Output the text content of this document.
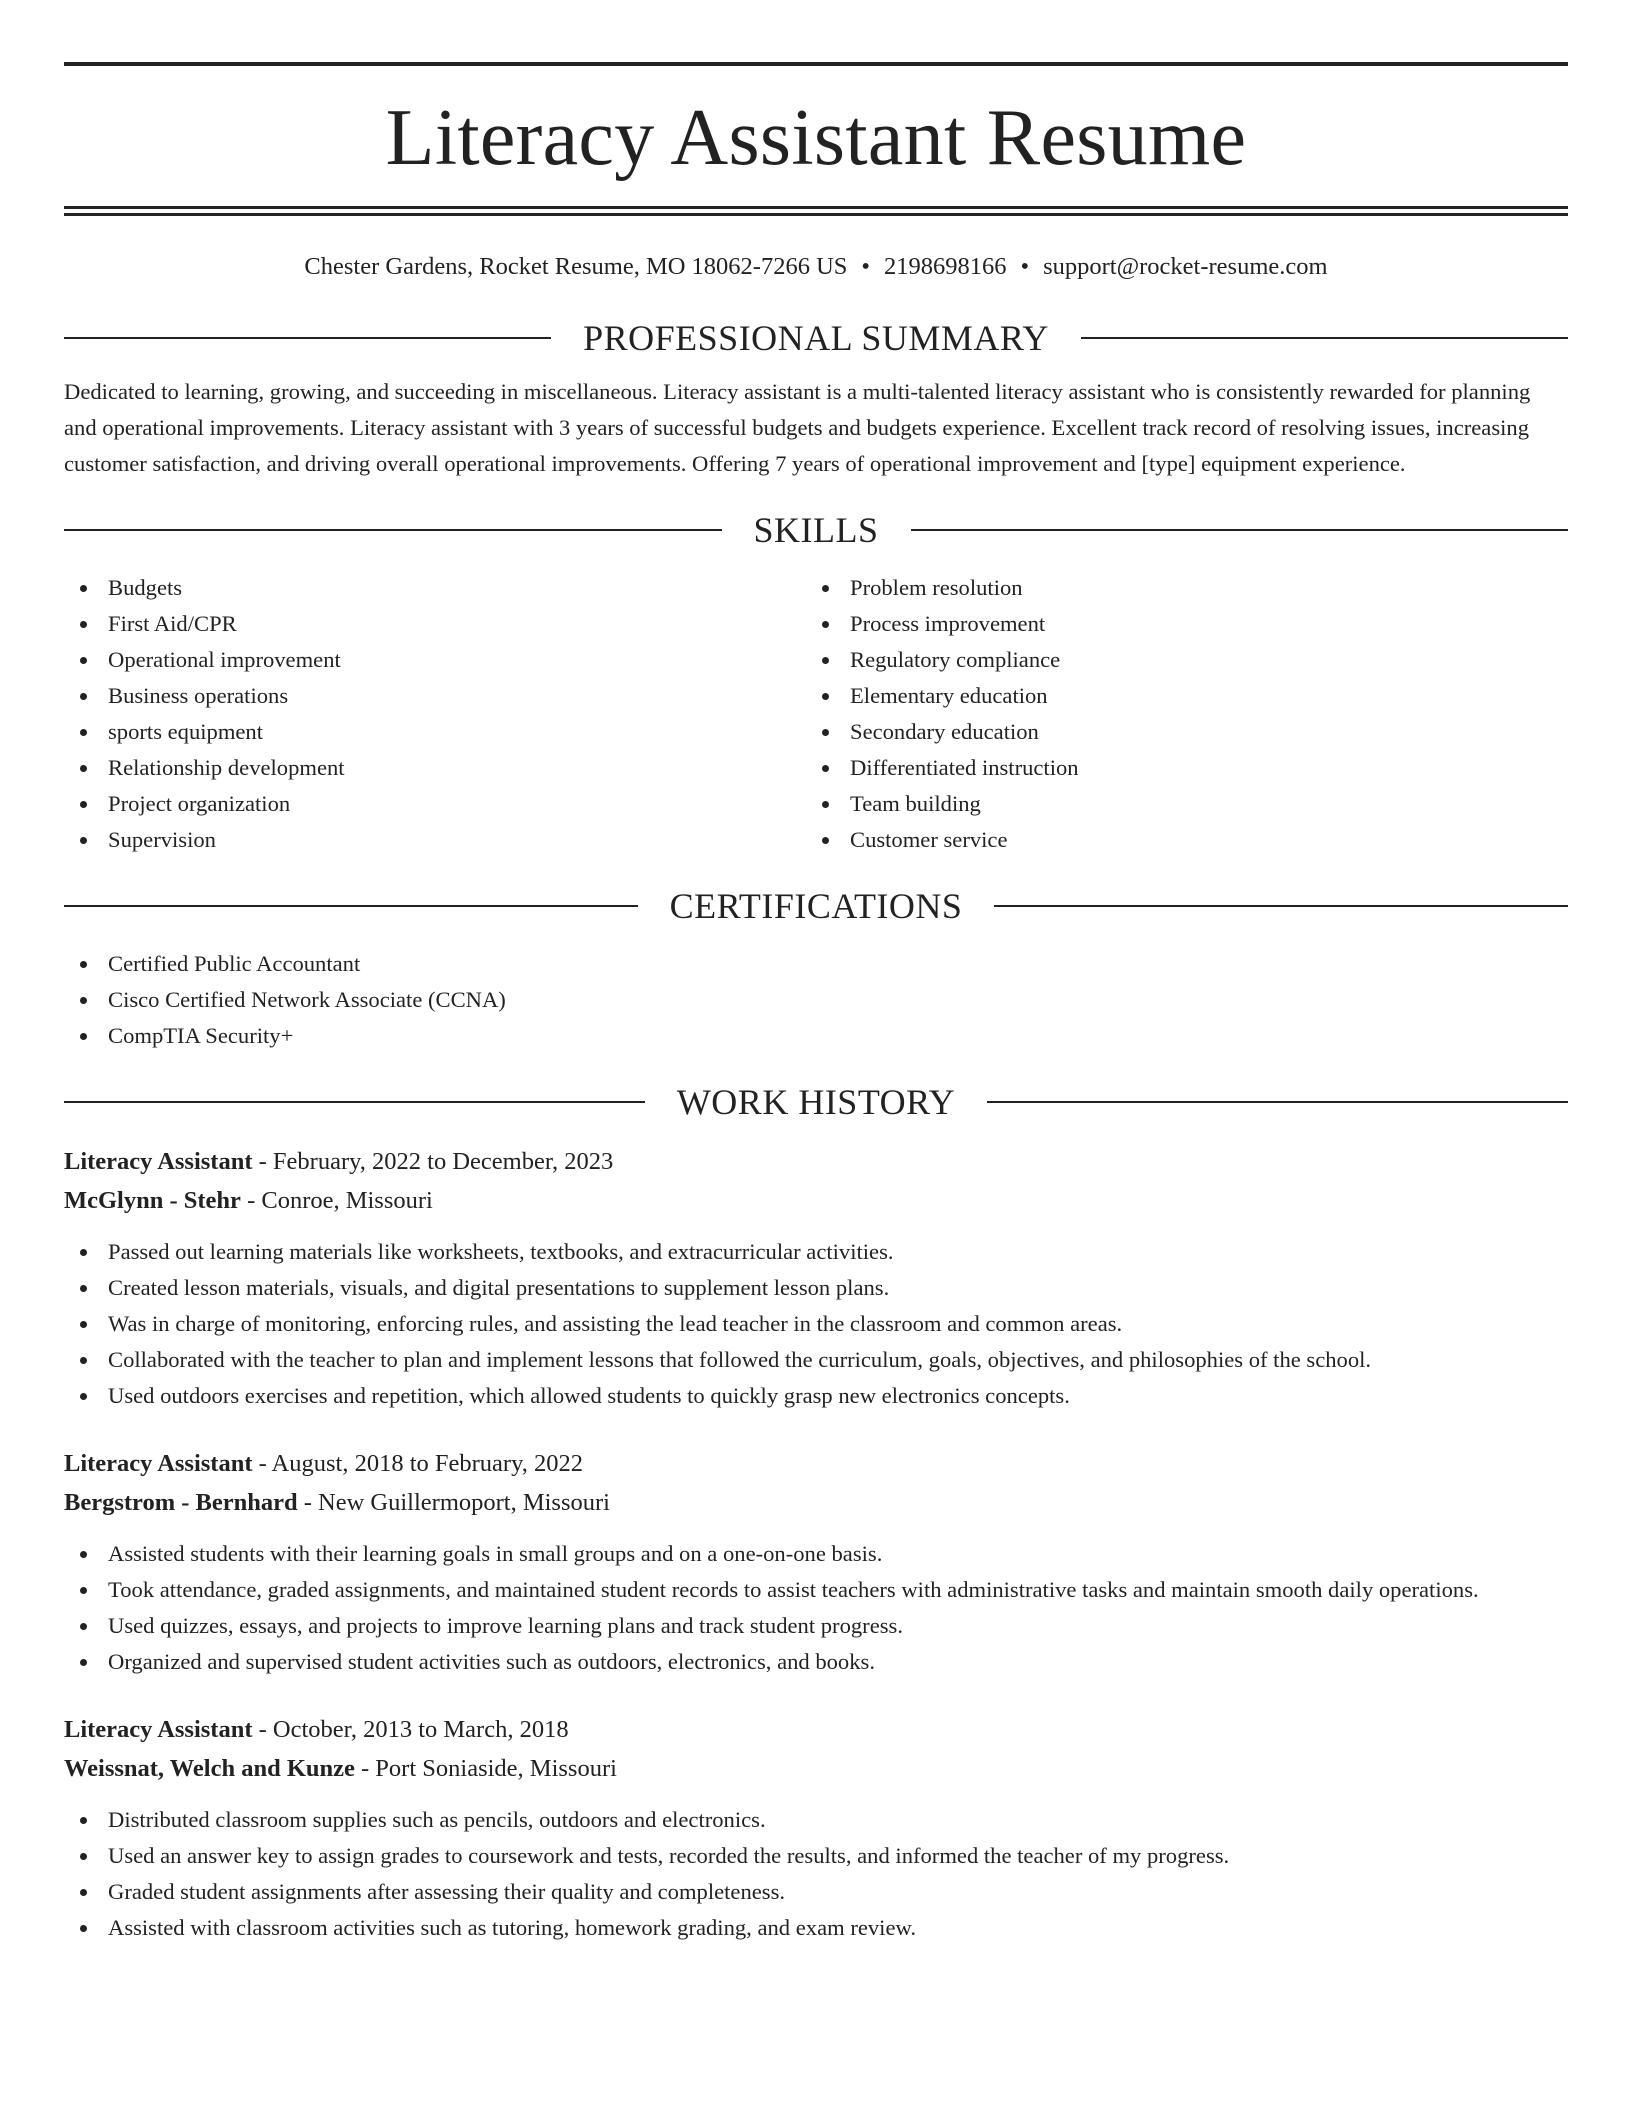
Literacy Assistant Resume
Chester Gardens, Rocket Resume, MO 18062-7266 US • 2198698166 • support@rocket-resume.com
PROFESSIONAL SUMMARY

Dedicated to learning, growing, and succeeding in miscellaneous. Literacy assistant is a multi-talented literacy assistant who is consistently rewarded for planning and operational improvements. Literacy assistant with 3 years of successful budgets and budgets experience. Excellent track record of resolving issues, increasing customer satisfaction, and driving overall operational improvements. Offering 7 years of operational improvement and [type] equipment experience.

SKILLS
Budgets
First Aid/CPR
Operational improvement
Business operations
sports equipment
Relationship development
Project organization
Supervision
Problem resolution
Process improvement
Regulatory compliance
Elementary education
Secondary education
Differentiated instruction
Team building
Customer service
CERTIFICATIONS
Certified Public Accountant
Cisco Certified Network Associate (CCNA)
CompTIA Security+
WORK HISTORY
Literacy Assistant - February, 2022 to December, 2023
McGlynn - Stehr - Conroe, Missouri
Passed out learning materials like worksheets, textbooks, and extracurricular activities.
Created lesson materials, visuals, and digital presentations to supplement lesson plans.
Was in charge of monitoring, enforcing rules, and assisting the lead teacher in the classroom and common areas.
Collaborated with the teacher to plan and implement lessons that followed the curriculum, goals, objectives, and philosophies of the school.
Used outdoors exercises and repetition, which allowed students to quickly grasp new electronics concepts.
Literacy Assistant - August, 2018 to February, 2022
Bergstrom - Bernhard - New Guillermoport, Missouri
Assisted students with their learning goals in small groups and on a one-on-one basis.
Took attendance, graded assignments, and maintained student records to assist teachers with administrative tasks and maintain smooth daily operations.
Used quizzes, essays, and projects to improve learning plans and track student progress.
Organized and supervised student activities such as outdoors, electronics, and books.
Literacy Assistant - October, 2013 to March, 2018
Weissnat, Welch and Kunze - Port Soniaside, Missouri
Distributed classroom supplies such as pencils, outdoors and electronics.
Used an answer key to assign grades to coursework and tests, recorded the results, and informed the teacher of my progress.
Graded student assignments after assessing their quality and completeness.
Assisted with classroom activities such as tutoring, homework grading, and exam review.
